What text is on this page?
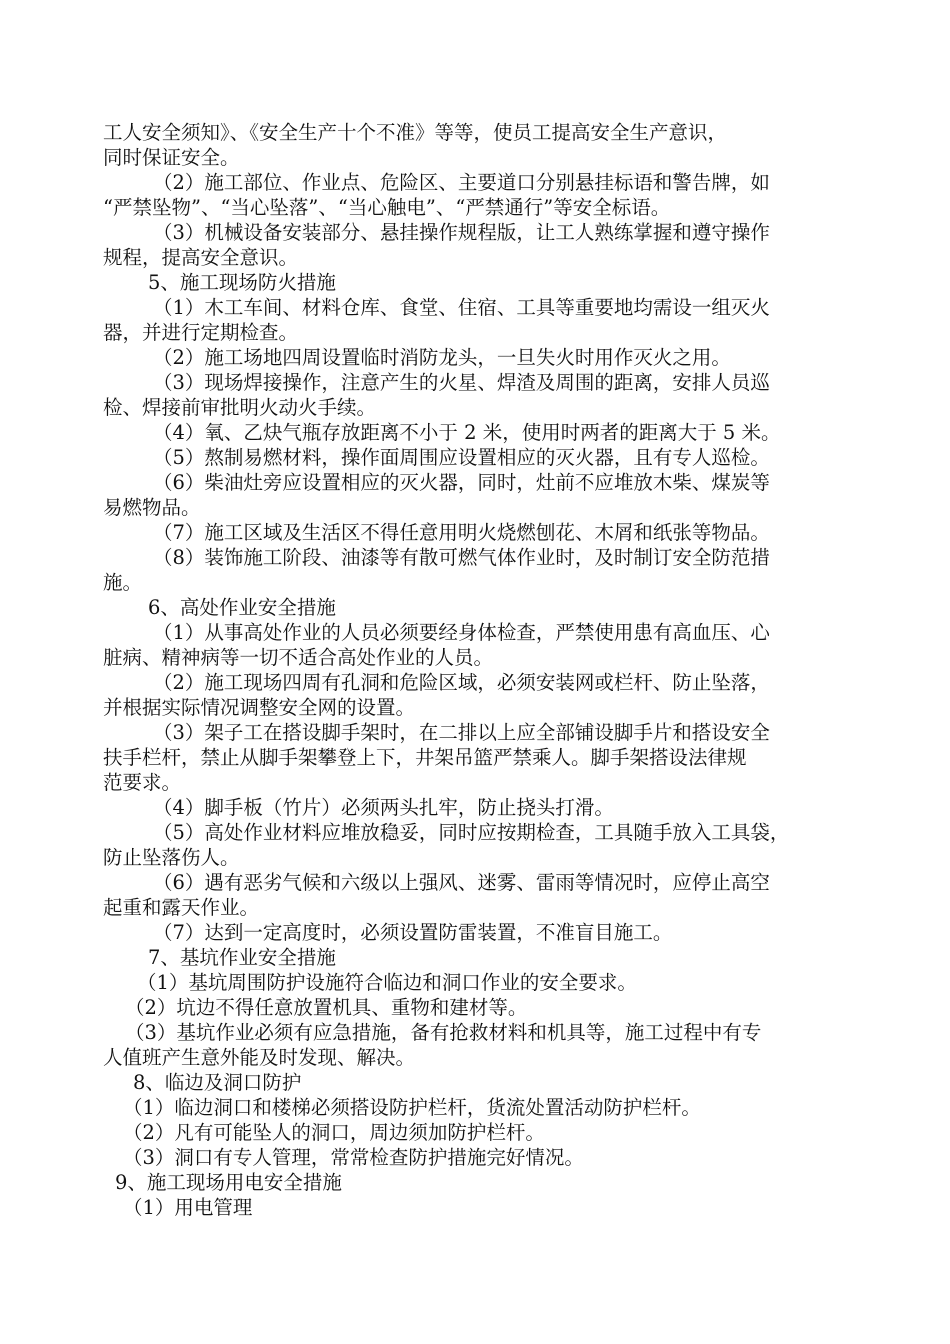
工人安全须知》、《安全生产十个不准》等等，使员工提高安全生产意识，
同时保证安全。
（2）施工部位、作业点、危险区、主要道口分别悬挂标语和警告牌，如
“严禁坠物”、“当心坠落”、“当心触电”、“严禁通行”等安全标语。
（3）机械设备安装部分、悬挂操作规程版，让工人熟练掌握和遵守操作
规程，提高安全意识。
5、施工现场防火措施
（1）木工车间、材料仓库、食堂、住宿、工具等重要地均需设一组灭火
器，并进行定期检查。
（2）施工场地四周设置临时消防龙头，一旦失火时用作灭火之用。
（3）现场焊接操作，注意产生的火星、焊渣及周围的距离，安排人员巡
检、焊接前审批明火动火手续。
（4）氧、乙炔气瓶存放距离不小于 2 米，使用时两者的距离大于 5 米。
（5）熬制易燃材料，操作面周围应设置相应的灭火器，且有专人巡检。
（6）柴油灶旁应设置相应的灭火器，同时，灶前不应堆放木柴、煤炭等
易燃物品。
（7）施工区域及生活区不得任意用明火烧燃刨花、木屑和纸张等物品。
（8）装饰施工阶段、油漆等有散可燃气体作业时，及时制订安全防范措
施。
6、高处作业安全措施
（1）从事高处作业的人员必须要经身体检查，严禁使用患有高血压、心
脏病、精神病等一切不适合高处作业的人员。
（2）施工现场四周有孔洞和危险区域，必须安装网或栏杆、防止坠落，
并根据实际情况调整安全网的设置。
（3）架子工在搭设脚手架时，在二排以上应全部铺设脚手片和搭设安全
扶手栏杆，禁止从脚手架攀登上下，井架吊篮严禁乘人。脚手架搭设法律规
范要求。
（4）脚手板（竹片）必须两头扎牢，防止挠头打滑。
（5）高处作业材料应堆放稳妥，同时应按期检查，工具随手放入工具袋，
防止坠落伤人。
（6）遇有恶劣气候和六级以上强风、迷雾、雷雨等情况时，应停止高空
起重和露天作业。
（7）达到一定高度时，必须设置防雷装置，不准盲目施工。
7、基坑作业安全措施
（1）基坑周围防护设施符合临边和洞口作业的安全要求。
（2）坑边不得任意放置机具、重物和建材等。
（3）基坑作业必须有应急措施，备有抢救材料和机具等，施工过程中有专
人值班产生意外能及时发现、解决。
8、临边及洞口防护
（1）临边洞口和楼梯必须搭设防护栏杆，货流处置活动防护栏杆。
（2）凡有可能坠人的洞口，周边须加防护栏杆。
（3）洞口有专人管理，常常检查防护措施完好情况。
9、施工现场用电安全措施
（1）用电管理
